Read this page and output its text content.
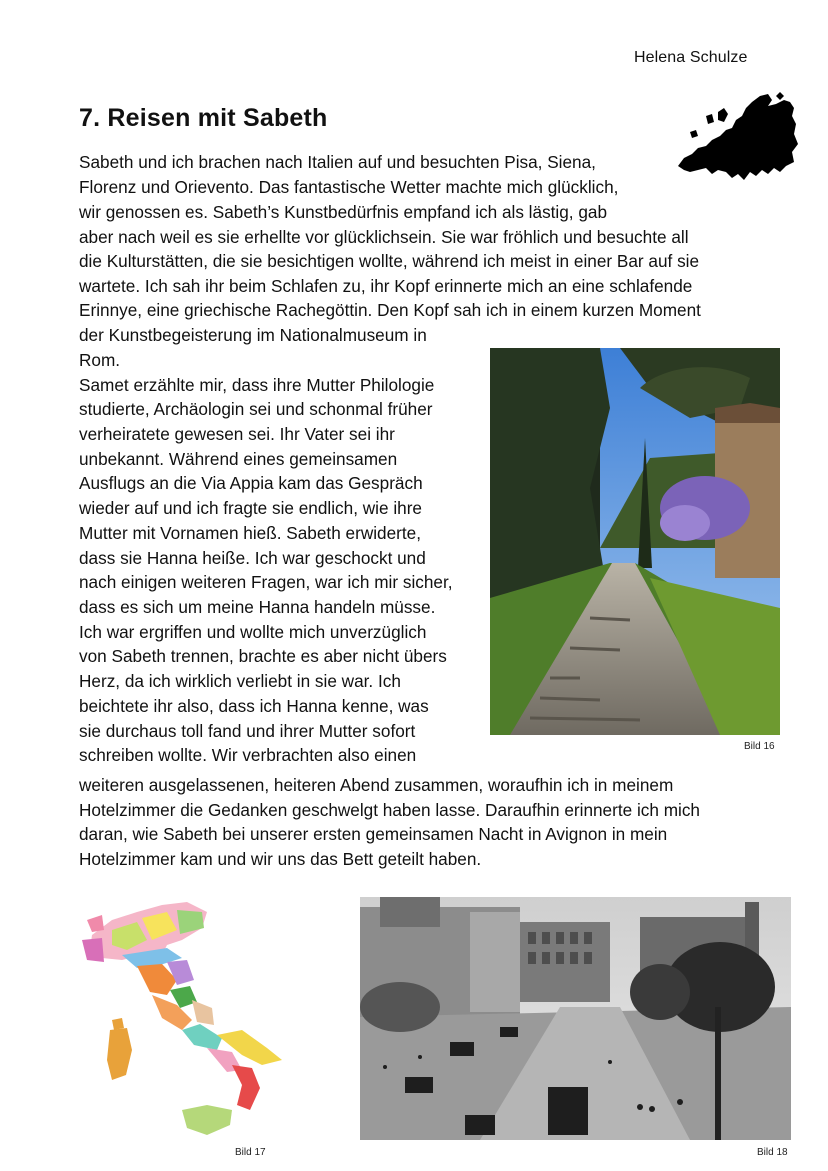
Helena Schulze
7. Reisen mit Sabeth
Sabeth und ich brachen nach Italien auf und besuchten Pisa, Siena,
Florenz und Orievento. Das fantastische Wetter machte mich glücklich,
wir genossen es. Sabeth’s Kunstbedürfnis empfand ich als lästig, gab
aber nach weil es sie erhellte vor glücklichsein. Sie war fröhlich und besuchte all
die Kulturstätten, die sie besichtigen wollte, während ich meist in einer Bar auf sie
wartete. Ich sah ihr beim Schlafen zu, ihr Kopf erinnerte mich an eine schlafende
Erinnye, eine griechische Rachegöttin. Den Kopf sah ich in einem kurzen Moment
der Kunstbegeisterung im Nationalmuseum in
Rom.
Samet erzählte mir, dass ihre Mutter Philologie
studierte, Archäologin sei und schonmal früher
verheiratete gewesen sei. Ihr Vater sei ihr
unbekannt. Während eines gemeinsamen
Ausflugs an die Via Appia kam das Gespräch
wieder auf und ich fragte sie endlich, wie ihre
Mutter mit Vornamen hieß. Sabeth erwiderte,
dass sie Hanna heiße. Ich war geschockt und
nach einigen weiteren Fragen, war ich mir sicher,
dass es sich um meine Hanna handeln müsse.
Ich war ergriffen und wollte mich unverzüglich
von Sabeth trennen, brachte es aber nicht übers
Herz, da ich wirklich verliebt in sie war. Ich
beichtete ihr also, dass ich Hanna kenne, was
sie durchaus toll fand und ihrer Mutter sofort
schreiben wollte. Wir verbrachten also einen
weiteren ausgelassenen, heiteren Abend zusammen, woraufhin ich in meinem
Hotelzimmer die Gedanken geschwelgt haben lasse. Daraufhin erinnerte ich mich
daran, wie Sabeth bei unserer ersten gemeinsamen Nacht in Avignon in mein
Hotelzimmer kam und wir uns das Bett geteilt haben.
Bild 16
Bild 17	Bild 18
